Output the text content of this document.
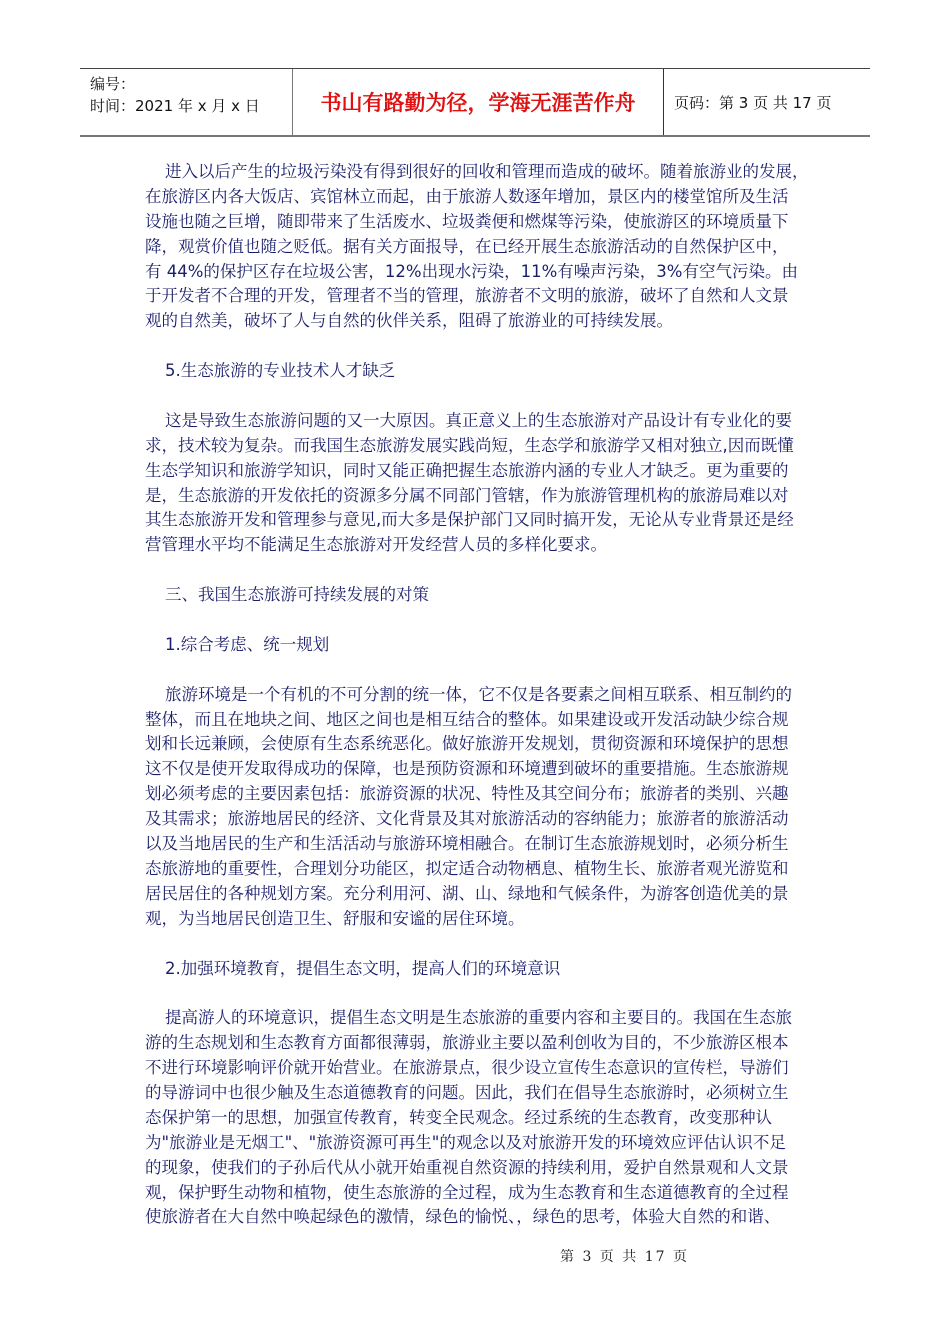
编号：
时间：2021 年 x 月 x 日	书山有路勤为径，学海无涯苦作舟	页码：第 3 页 共 17 页
进入以后产生的垃圾污染没有得到很好的回收和管理而造成的破坏。随着旅游业的发展，
在旅游区内各大饭店、宾馆林立而起，由于旅游人数逐年增加，景区内的楼堂馆所及生活
设施也随之巨增，随即带来了生活废水、垃圾粪便和燃煤等污染，使旅游区的环境质量下
降，观赏价值也随之贬低。据有关方面报导，在已经开展生态旅游活动的自然保护区中，
有 44%的保护区存在垃圾公害，12%出现水污染，11%有噪声污染，3%有空气污染。由
于开发者不合理的开发，管理者不当的管理，旅游者不文明的旅游，破坏了自然和人文景
观的自然美，破坏了人与自然的伙伴关系，阻碍了旅游业的可持续发展。
5.生态旅游的专业技术人才缺乏
这是导致生态旅游问题的又一大原因。真正意义上的生态旅游对产品设计有专业化的要
求，技术较为复杂。而我国生态旅游发展实践尚短，生态学和旅游学又相对独立,因而既懂
生态学知识和旅游学知识，同时又能正确把握生态旅游内涵的专业人才缺乏。更为重要的
是，生态旅游的开发依托的资源多分属不同部门管辖，作为旅游管理机构的旅游局难以对
其生态旅游开发和管理参与意见,而大多是保护部门又同时搞开发，无论从专业背景还是经
营管理水平均不能满足生态旅游对开发经营人员的多样化要求。
三、我国生态旅游可持续发展的对策
1.综合考虑、统一规划
旅游环境是一个有机的不可分割的统一体，它不仅是各要素之间相互联系、相互制约的
整体，而且在地块之间、地区之间也是相互结合的整体。如果建设或开发活动缺少综合规
划和长远兼顾，会使原有生态系统恶化。做好旅游开发规划，贯彻资源和环境保护的思想
这不仅是使开发取得成功的保障，也是预防资源和环境遭到破坏的重要措施。生态旅游规
划必须考虑的主要因素包括：旅游资源的状况、特性及其空间分布；旅游者的类别、兴趣
及其需求；旅游地居民的经济、文化背景及其对旅游活动的容纳能力；旅游者的旅游活动
以及当地居民的生产和生活活动与旅游环境相融合。在制订生态旅游规划时，必须分析生
态旅游地的重要性，合理划分功能区，拟定适合动物栖息、植物生长、旅游者观光游览和
居民居住的各种规划方案。充分利用河、湖、山、绿地和气候条件，为游客创造优美的景
观，为当地居民创造卫生、舒服和安谧的居住环境。
2.加强环境教育，提倡生态文明，提高人们的环境意识
提高游人的环境意识，提倡生态文明是生态旅游的重要内容和主要目的。我国在生态旅
游的生态规划和生态教育方面都很薄弱，旅游业主要以盈利创收为目的，不少旅游区根本
不进行环境影响评价就开始营业。在旅游景点，很少设立宣传生态意识的宣传栏，导游们
的导游词中也很少触及生态道德教育的问题。因此，我们在倡导生态旅游时，必须树立生
态保护第一的思想，加强宣传教育，转变全民观念。经过系统的生态教育，改变那种认
为"旅游业是无烟工"、"旅游资源可再生"的观念以及对旅游开发的环境效应评估认识不足
的现象，使我们的子孙后代从小就开始重视自然资源的持续利用，爱护自然景观和人文景
观，保护野生动物和植物，使生态旅游的全过程，成为生态教育和生态道德教育的全过程
使旅游者在大自然中唤起绿色的激情，绿色的愉悦、，绿色的思考，体验大自然的和谐、
第 3 页 共 17 页
